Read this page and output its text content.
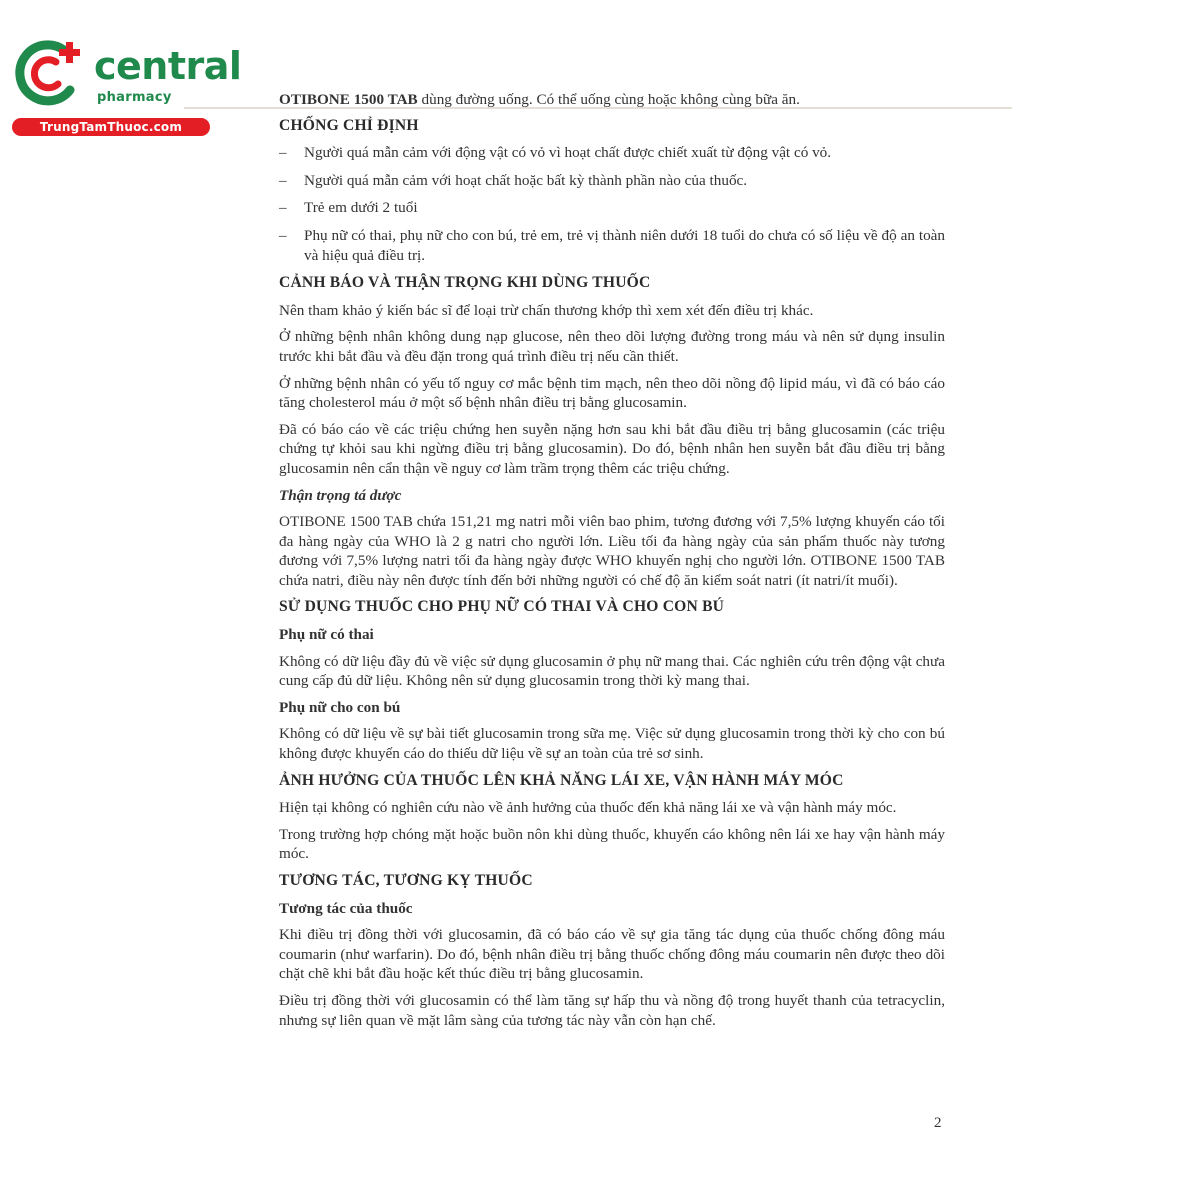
central
pharmacy
TrungTamThuoc.com

OTIBONE 1500 TAB dùng đường uống. Có thể uống cùng hoặc không cùng bữa ăn.

CHỐNG CHỈ ĐỊNH
– Người quá mẫn cảm với động vật có vỏ vì hoạt chất được chiết xuất từ động vật có vỏ.
– Người quá mẫn cảm với hoạt chất hoặc bất kỳ thành phần nào của thuốc.
– Trẻ em dưới 2 tuổi
– Phụ nữ có thai, phụ nữ cho con bú, trẻ em, trẻ vị thành niên dưới 18 tuổi do chưa có số liệu về độ an toàn và hiệu quả điều trị.
CẢNH BÁO VÀ THẬN TRỌNG KHI DÙNG THUỐC

Nên tham khảo ý kiến bác sĩ để loại trừ chấn thương khớp thì xem xét đến điều trị khác.

Ở những bệnh nhân không dung nạp glucose, nên theo dõi lượng đường trong máu và nên sử dụng insulin trước khi bắt đầu và đều đặn trong quá trình điều trị nếu cần thiết.

Ở những bệnh nhân có yếu tố nguy cơ mắc bệnh tim mạch, nên theo dõi nồng độ lipid máu, vì đã có báo cáo tăng cholesterol máu ở một số bệnh nhân điều trị bằng glucosamin.

Đã có báo cáo về các triệu chứng hen suyễn nặng hơn sau khi bắt đầu điều trị bằng glucosamin (các triệu chứng tự khỏi sau khi ngừng điều trị bằng glucosamin). Do đó, bệnh nhân hen suyễn bắt đầu điều trị bằng glucosamin nên cẩn thận về nguy cơ làm trầm trọng thêm các triệu chứng.

Thận trọng tá dược

OTIBONE 1500 TAB chứa 151,21 mg natri mỗi viên bao phim, tương đương với 7,5% lượng khuyến cáo tối đa hàng ngày của WHO là 2 g natri cho người lớn. Liều tối đa hàng ngày của sản phẩm thuốc này tương đương với 7,5% lượng natri tối đa hàng ngày được WHO khuyến nghị cho người lớn. OTIBONE 1500 TAB chứa natri, điều này nên được tính đến bởi những người có chế độ ăn kiểm soát natri (ít natri/ít muối).

SỬ DỤNG THUỐC CHO PHỤ NỮ CÓ THAI VÀ CHO CON BÚ
Phụ nữ có thai

Không có dữ liệu đầy đủ về việc sử dụng glucosamin ở phụ nữ mang thai. Các nghiên cứu trên động vật chưa cung cấp đủ dữ liệu. Không nên sử dụng glucosamin trong thời kỳ mang thai.

Phụ nữ cho con bú

Không có dữ liệu về sự bài tiết glucosamin trong sữa mẹ. Việc sử dụng glucosamin trong thời kỳ cho con bú không được khuyến cáo do thiếu dữ liệu về sự an toàn của trẻ sơ sinh.

ẢNH HƯỞNG CỦA THUỐC LÊN KHẢ NĂNG LÁI XE, VẬN HÀNH MÁY MÓC

Hiện tại không có nghiên cứu nào về ảnh hưởng của thuốc đến khả năng lái xe và vận hành máy móc.

Trong trường hợp chóng mặt hoặc buồn nôn khi dùng thuốc, khuyến cáo không nên lái xe hay vận hành máy móc.

TƯƠNG TÁC, TƯƠNG KỴ THUỐC
Tương tác của thuốc

Khi điều trị đồng thời với glucosamin, đã có báo cáo về sự gia tăng tác dụng của thuốc chống đông máu coumarin (như warfarin). Do đó, bệnh nhân điều trị bằng thuốc chống đông máu coumarin nên được theo dõi chặt chẽ khi bắt đầu hoặc kết thúc điều trị bằng glucosamin.

Điều trị đồng thời với glucosamin có thể làm tăng sự hấp thu và nồng độ trong huyết thanh của tetracyclin, nhưng sự liên quan về mặt lâm sàng của tương tác này vẫn còn hạn chế.

2
